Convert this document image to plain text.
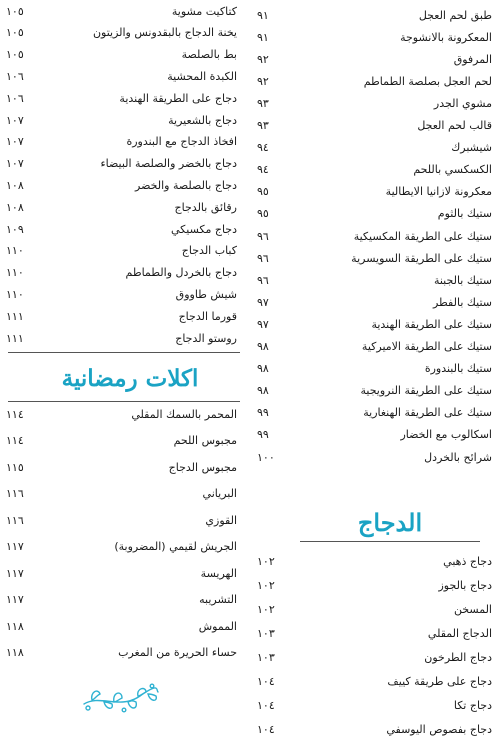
طبق لحم العجل
٩١
المعكرونة بالانشوجة
٩١
المرفوق
٩٢
لحم العجل بصلصة الطماطم
٩٢
مشوي الجدر
٩٣
قالب لحم العجل
٩٣
شيشبرك
٩٤
الكسكسي باللحم
٩٤
معكرونة لازانيا الايطالية
٩٥
ستيك بالثوم
٩٥
ستيك على الطريقة المكسيكية
٩٦
ستيك على الطريقة السويسرية
٩٦
ستيك بالجبنة
٩٦
ستيك بالفطر
٩٧
ستيك على الطريقة الهندية
٩٧
ستيك على الطريقة الاميركية
٩٨
ستيك بالبندورة
٩٨
ستيك على الطريقة النرويجية
٩٨
ستيك على الطريقة الهنغارية
٩٩
اسكالوب مع الخضار
٩٩
شرائح بالخردل
١٠٠
دجاج ذهبي
١٠٢
دجاج بالجوز
١٠٢
المسخن
١٠٢
الدجاج المقلي
١٠٣
دجاج الطرخون
١٠٣
دجاج على طريقة كييف
١٠٤
دجاج تكا
١٠٤
دجاج بفصوص اليوسفي
١٠٤
كتاكيت مشوية
١٠٥
يخنة الدجاج بالبقدونس والزيتون
١٠٥
بط بالصلصة
١٠٥
الكبدة المحشية
١٠٦
دجاج على الطريقة الهندية
١٠٦
دجاج بالشعيرية
١٠٧
افخاذ الدجاج مع البندورة
١٠٧
دجاج بالخضر والصلصة البيضاء
١٠٧
دجاج بالصلصة والخضر
١٠٨
رقائق بالدجاج
١٠٨
دجاج مكسيكي
١٠٩
كباب الدجاج
١١٠
دجاج بالخردل والطماطم
١١٠
شيش طاووق
١١٠
قورما الدجاج
١١١
روستو الدجاج
١١١
المحمر بالسمك المقلي
١١٤
مجبوس اللحم
١١٤
مجبوس الدجاج
١١٥
البرياني
١١٦
القوزي
١١٦
الجريش لقيمي (المضروبة)
١١٧
الهريسة
١١٧
التشريبه
١١٧
المموش
١١٨
حساء الحريرة من المغرب
١١٨
الدجاج
اكلات رمضانية
